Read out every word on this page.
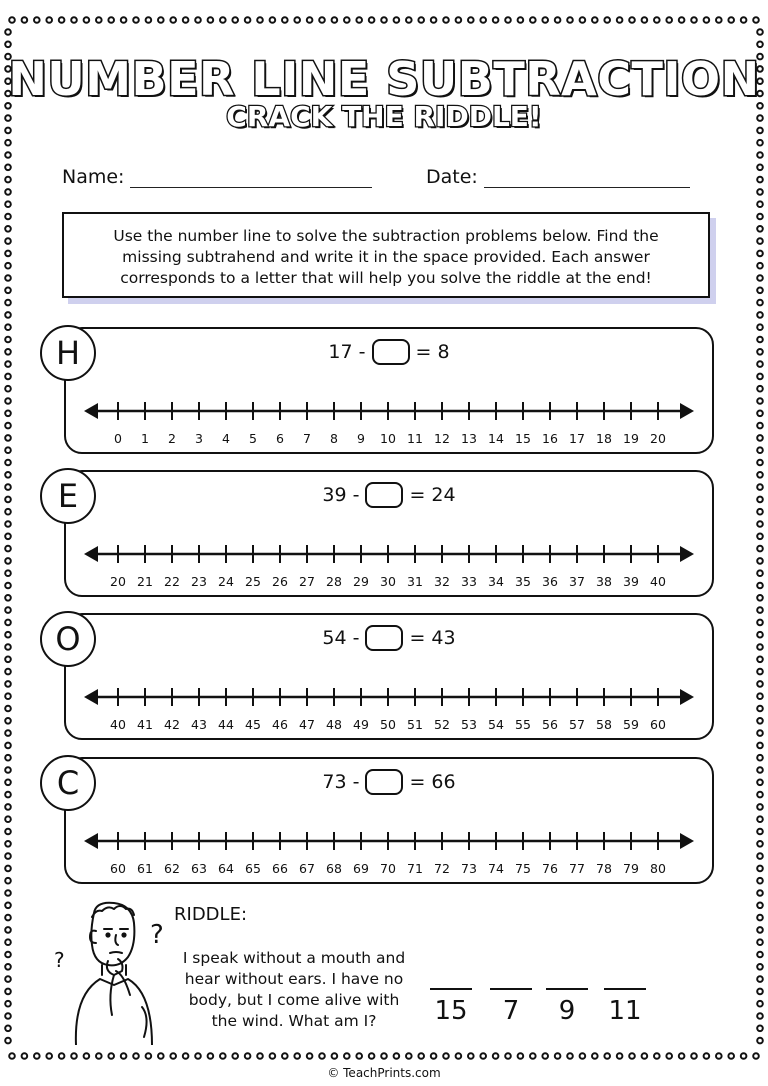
NUMBER LINE SUBTRACTION
CRACK THE RIDDLE!
Name:	Date:
Use the number line to solve the subtraction problems below. Find the missing subtrahend and write it in the space provided. Each answer corresponds to a letter that will help you solve the riddle at the end!
17 -	= 8
0 1 2 3 4 5 6 7 8 9 10 11 12 13 14 15 16 17 18 19 20
H
39 -	= 24
20 21 22 23 24 25 26 27 28 29 30 31 32 33 34 35 36 37 38 39 40
E
54 -	= 43
40 41 42 43 44 45 46 47 48 49 50 51 52 53 54 55 56 57 58 59 60
O
73 -	= 66
60 61 62 63 64 65 66 67 68 69 70 71 72 73 74 75 76 77 78 79 80
C
?
?
RIDDLE:
I speak without a mouth and hear without ears. I have no body, but I come alive with the wind. What am I?	15	7	9	11
© TeachPrints.com
